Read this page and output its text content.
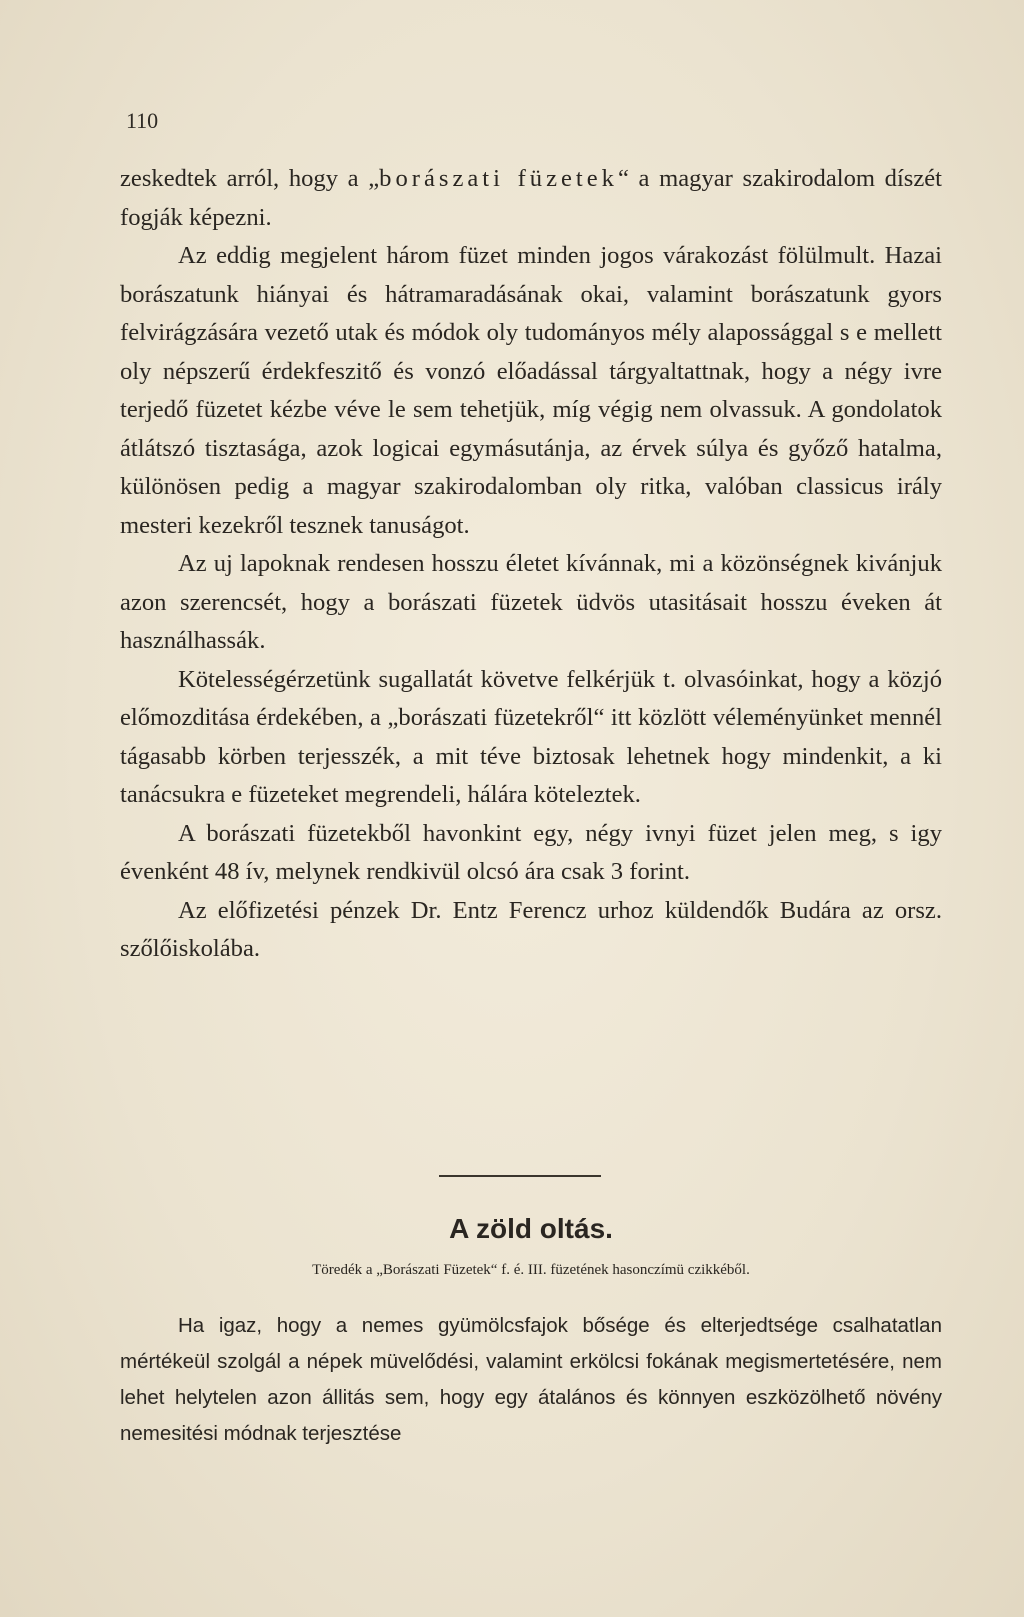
110

zeskedtek arról, hogy a „borászati füzetek“ a magyar szakirodalom díszét fogják képezni.

Az eddig megjelent három füzet minden jogos várakozást fölülmult. Hazai borászatunk hiányai és hátramaradásának okai, valamint borászatunk gyors felvirágzására vezető utak és módok oly tudományos mély alapossággal s e mellett oly népszerű érdekfeszitő és vonzó előadással tárgyaltattnak, hogy a négy ivre terjedő füzetet kézbe véve le sem tehetjük, míg végig nem olvassuk. A gondolatok átlátszó tisztasága, azok logicai egymásutánja, az érvek súlya és győző hatalma, különösen pedig a magyar szakirodalomban oly ritka, valóban classicus irály mesteri kezekről tesznek tanuságot.

Az uj lapoknak rendesen hosszu életet kívánnak, mi a közönségnek kivánjuk azon szerencsét, hogy a borászati füzetek üdvös utasitásait hosszu éveken át használhassák.

Kötelességérzetünk sugallatát követve felkérjük t. olvasóinkat, hogy a közjó előmozditása érdekében, a „borászati füzetekről“ itt közlött véleményünket mennél tágasabb körben terjesszék, a mit téve biztosak lehetnek hogy mindenkit, a ki tanácsukra e füzeteket megrendeli, hálára köteleztek.

A borászati füzetekből havonkint egy, négy ivnyi füzet jelen meg, s igy évenként 48 ív, melynek rendkivül olcsó ára csak 3 forint.

Az előfizetési pénzek Dr. Entz Ferencz urhoz küldendők Budára az orsz. szőlőiskolába.

A zöld oltás.
Töredék a „Borászati Füzetek“ f. é. III. füzetének hasonczímü czikkéből.

Ha igaz, hogy a nemes gyümölcsfajok bősége és elterjedtsége csalhatatlan mértékeül szolgál a népek müvelődési, valamint erkölcsi fokának megismertetésére, nem lehet helytelen azon állitás sem, hogy egy átalános és könnyen eszközölhető növény nemesitési módnak terjesztése
